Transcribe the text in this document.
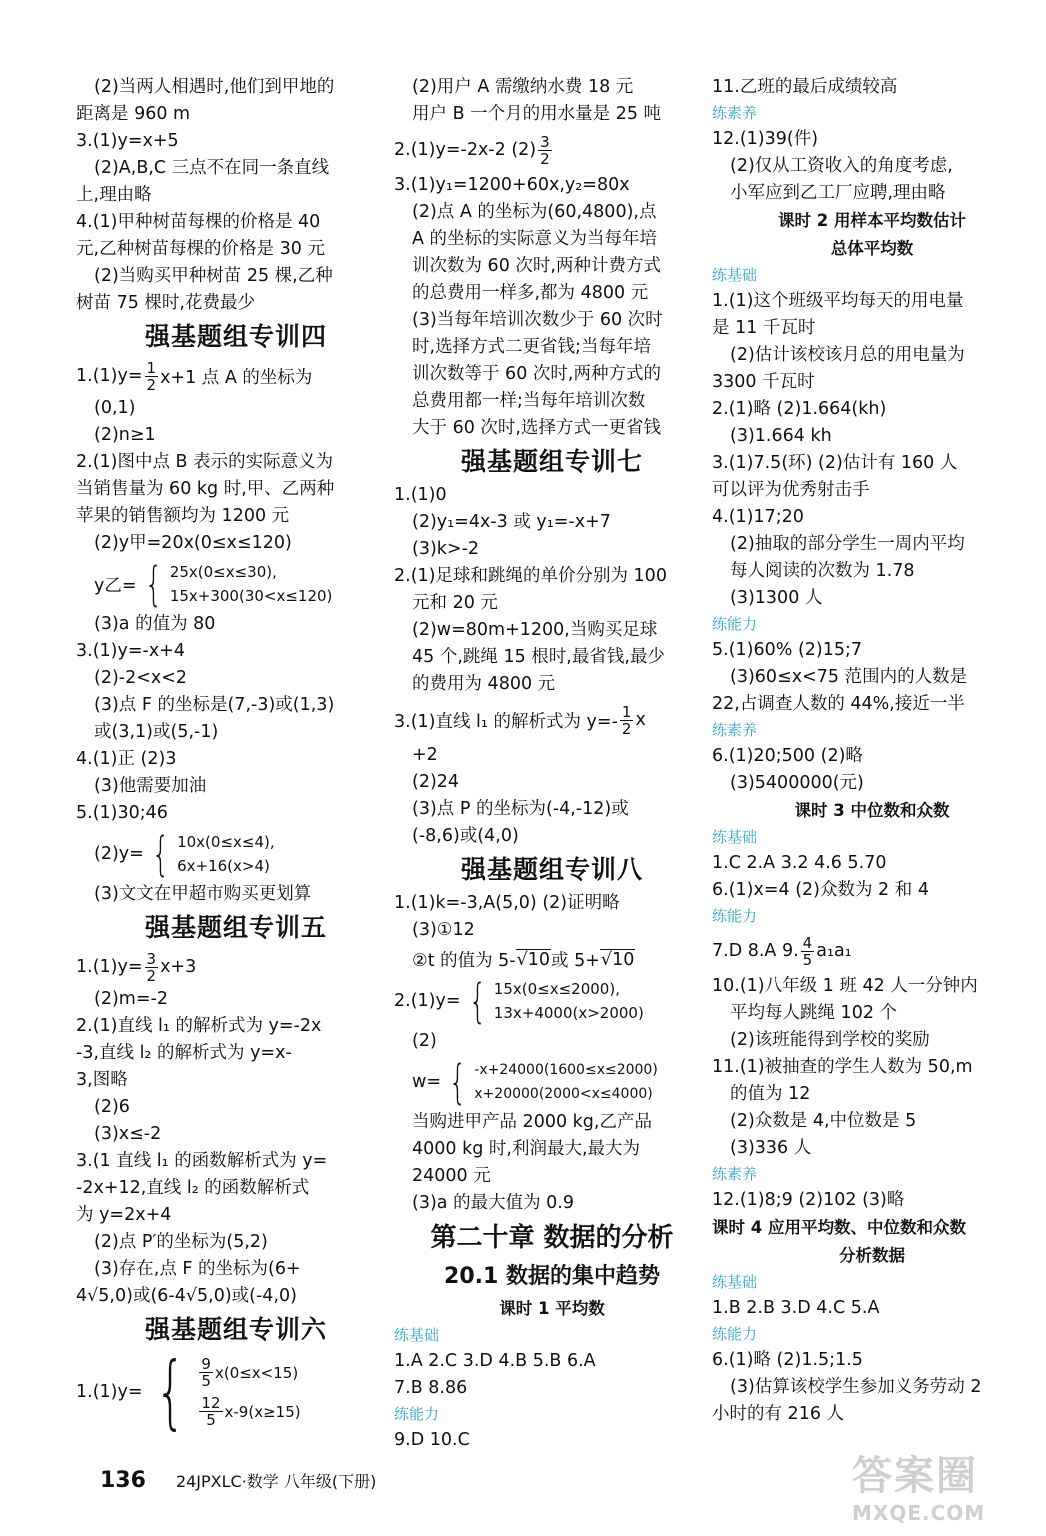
(2)当两人相遇时,他们到甲地的
距离是 960 m
3.(1)y=x+5
(2)A,B,C 三点不在同一条直线
上,理由略
4.(1)甲种树苗每棵的价格是 40
元,乙种树苗每棵的价格是 30 元
(2)当购买甲种树苗 25 棵,乙种
树苗 75 棵时,花费最少
强基题组专训四
$1.(1)y= \frac{1}{2} x+1$ 点 A 的坐标为
(0,1)
(2)n≥1
2.(1)图中点 B 表示的实际意义为
当销售量为 60 kg 时,甲、乙两种
苹果的销售额均为 1200 元
(2)y甲=20x(0≤x≤120)
y乙= { 25x(0≤x≤30),
15x+300(30<x≤120)
(3)a 的值为 80
3.(1)y=-x+4
(2)-2<x<2
(3)点 F 的坐标是(7,-3)或(1,3)
或(3,1)或(5,-1)
4.(1)正 (2)3
(3)他需要加油
5.(1)30;46
(2)y= { 10x(0≤x≤4),
6x+16(x>4)
(3)文文在甲超市购买更划算
强基题组专训五
$1.(1)y= \frac{3}{2} x+3$
(2)m=-2
2.(1)直线 l₁ 的解析式为 y=-2x
-3,直线 l₂ 的解析式为 y=x-
3,图略
(2)6
(3)x≤-2
3.(1 直线 l₁ 的函数解析式为 y=
-2x+12,直线 l₂ 的函数解析式
为 y=2x+4
(2)点 P′的坐标为(5,2)
(3)存在,点 F 的坐标为(6+
4√5,0)或(6-4√5,0)或(-4,0)
强基题组专训六
1.(1)y= { $\frac{9}{5} x(0\le x<15)$
$\frac{12}{5} x-9(x\ge 15)$
(2)用户 A 需缴纳水费 18 元
用户 B 一个月的用水量是 25 吨
2.(1)y=-2x-2 $(2) \frac{3}{2}$
3.(1)y₁=1200+60x,y₂=80x
(2)点 A 的坐标为(60,4800),点
A 的坐标的实际意义为当每年培
训次数为 60 次时,两种计费方式
的总费用一样多,都为 4800 元
(3)当每年培训次数少于 60 次时
时,选择方式二更省钱;当每年培
训次数等于 60 次时,两种方式的
总费用都一样;当每年培训次数
大于 60 次时,选择方式一更省钱
强基题组专训七
1.(1)0
(2)y₁=4x-3 或 y₁=-x+7
(3)k>-2
2.(1)足球和跳绳的单价分别为 100
元和 20 元
(2)w=80m+1200,当购买足球
45 个,跳绳 15 根时,最省钱,最少
的费用为 4800 元
3.(1)直线 l₁ 的解析式为 $y=- \frac{1}{2}$ x
+2
(2)24
(3)点 P 的坐标为(-4,-12)或
(-8,6)或(4,0)
强基题组专训八
1.(1)k=-3,A(5,0) (2)证明略
(3)①12
②t 的值为 5- √10 或 5+ √10
2.(1)y= { 15x(0≤x≤2000),
13x+4000(x>2000)
(2)
w= { -x+24000(1600≤x≤2000)
x+20000(2000<x≤4000)
当购进甲产品 2000 kg,乙产品
4000 kg 时,利润最大,最大为
24000 元
(3)a 的最大值为 0.9
第二十章 数据的分析
20.1 数据的集中趋势
课时 1 平均数
练基础
1.A 2.C 3.D 4.B 5.B 6.A
7.B 8.86
练能力
9.D 10.C
11.乙班的最后成绩较高
练素养
12.(1)39(件)
(2)仅从工资收入的角度考虑,
小军应到乙工厂应聘,理由略
课时 2 用样本平均数估计
总体平均数
练基础
1.(1)这个班级平均每天的用电量
是 11 千瓦时
(2)估计该校该月总的用电量为
3300 千瓦时
2.(1)略 (2)1.664(kh)
(3)1.664 kh
3.(1)7.5(环) (2)估计有 160 人
可以评为优秀射击手
4.(1)17;20
(2)抽取的部分学生一周内平均
每人阅读的次数为 1.78
(3)1300 人
练能力
5.(1)60% (2)15;7
(3)60≤x<75 范围内的人数是
22,占调查人数的 44%,接近一半
练素养
6.(1)20;500 (2)略
(3)5400000(元)
课时 3 中位数和众数
练基础
1.C 2.A 3.2 4.6 5.70
6.(1)x=4 (2)众数为 2 和 4
练能力
7.D 8.A 9. $\frac{4}{5} a_1a_1$
10.(1)八年级 1 班 42 人一分钟内
平均每人跳绳 102 个
(2)该班能得到学校的奖励
11.(1)被抽查的学生人数为 50,m
的值为 12
(2)众数是 4,中位数是 5
(3)336 人
练素养
12.(1)8;9 (2)102 (3)略
课时 4 应用平均数、中位数和众数
分析数据
练基础
1.B 2.B 3.D 4.C 5.A
练能力
6.(1)略 (2)1.5;1.5
(3)估算该校学生参加义务劳动 2
小时的有 216 人
136 24JPXLC·数学 八年级(下册)	答案圈
MXQE.COM
